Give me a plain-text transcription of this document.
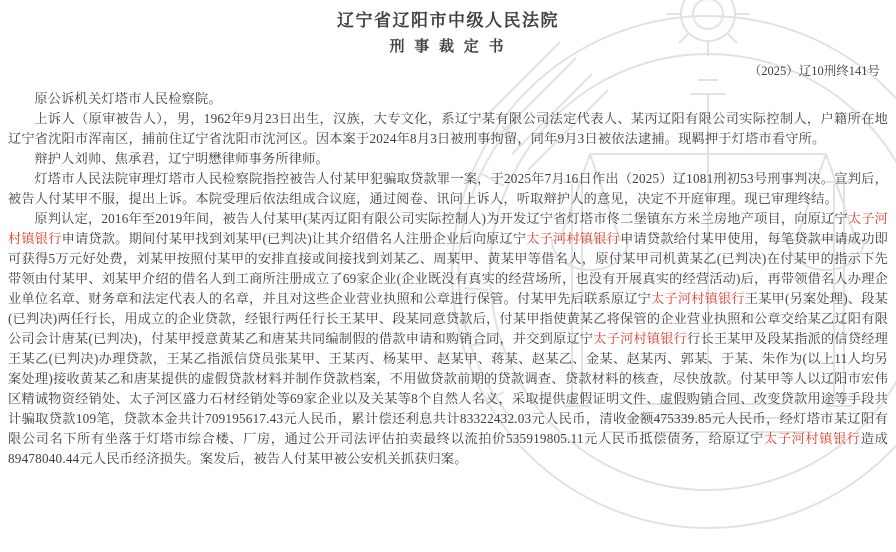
辽宁省辽阳市中级人民法院
刑 事 裁 定 书
（2025）辽10刑终141号

原公诉机关灯塔市人民检察院。

上诉人（原审被告人），男，1962年9月23日出生，汉族，大专文化，系辽宁某有限公司法定代表人、某丙辽阳有限公司实际控制人，户籍所在地辽宁省沈阳市浑南区，捕前住辽宁省沈阳市沈河区。因本案于2024年8月3日被刑事拘留，同年9月3日被依法逮捕。现羁押于灯塔市看守所。

辩护人刘帅、焦承君，辽宁明懋律师事务所律师。

灯塔市人民法院审理灯塔市人民检察院指控被告人付某甲犯骗取贷款罪一案，于2025年7月16日作出（2025）辽1081刑初53号刑事判决。宣判后，被告人付某甲不服，提出上诉。本院受理后依法组成合议庭，通过阅卷、讯问上诉人，听取辩护人的意见，决定不开庭审理。现已审理终结。

原判认定，2016年至2019年间，被告人付某甲(某丙辽阳有限公司实际控制人)为开发辽宁省灯塔市佟二堡镇东方米兰房地产项目，向原辽宁太子河村镇银行申请贷款。期间付某甲找到刘某甲(已判决)让其介绍借名人注册企业后向原辽宁太子河村镇银行申请贷款给付某甲使用，每笔贷款申请成功即可获得5万元好处费，刘某甲按照付某甲的安排直接或间接找到刘某乙、周某甲、黄某甲等借名人，原付某甲司机黄某乙(已判决)在付某甲的指示下先带领由付某甲、刘某甲介绍的借名人到工商所注册成立了69家企业(企业既没有真实的经营场所，也没有开展真实的经营活动)后，再带领借名人办理企业单位名章、财务章和法定代表人的名章，并且对这些企业营业执照和公章进行保管。付某甲先后联系原辽宁太子河村镇银行王某甲(另案处理)、段某(已判决)两任行长，用成立的企业贷款，经银行两任行长王某甲、段某同意贷款后，付某甲指使黄某乙将保管的企业营业执照和公章交给某乙辽阳有限公司会计唐某(已判决)，付某甲授意黄某乙和唐某共同编制假的借款申请和购销合同，并交到原辽宁太子河村镇银行行长王某甲及段某指派的信贷经理王某乙(已判决)办理贷款，王某乙指派信贷员张某甲、王某丙、杨某甲、赵某甲、蒋某、赵某乙、金某、赵某丙、郭某、于某、朱作为(以上11人均另案处理)接收黄某乙和唐某提供的虚假贷款材料并制作贷款档案，不用做贷款前期的贷款调查、贷款材料的核查，尽快放款。付某甲等人以辽阳市宏伟区精诚物资经销处、太子河区盛力石材经销处等69家企业以及关某等8个自然人名义，采取提供虚假证明文件、虚假购销合同、改变贷款用途等手段共计骗取贷款109笔，贷款本金共计709195617.43元人民币，累计偿还利息共计83322432.03元人民币，清收金额475339.85元人民币，经灯塔市某辽阳有限公司名下所有坐落于灯塔市综合楼、厂房，通过公开司法评估拍卖最终以流拍价535919805.11元人民币抵偿债务，给原辽宁太子河村镇银行造成89478040.44元人民币经济损失。案发后，被告人付某甲被公安机关抓获归案。
